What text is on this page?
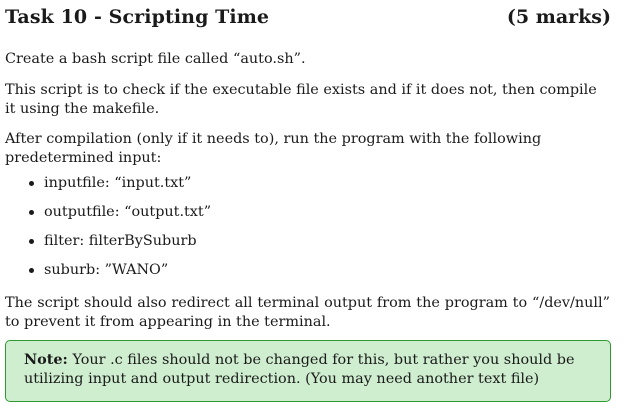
Task 10 - Scripting Time	(5 marks)

Create a bash script file called “auto.sh”.

This script is to check if the executable file exists and if it does not, then compile it using the makefile.

After compilation (only if it needs to), run the program with the following predetermined input:

inputfile: “input.txt”
outputfile: “output.txt”
filter: filterBySuburb
suburb: ”WANO”

The script should also redirect all terminal output from the program to “/dev/null” to prevent it from appearing in the terminal.

Note: Your .c files should not be changed for this, but rather you should be utilizing input and output redirection. (You may need another text file)
